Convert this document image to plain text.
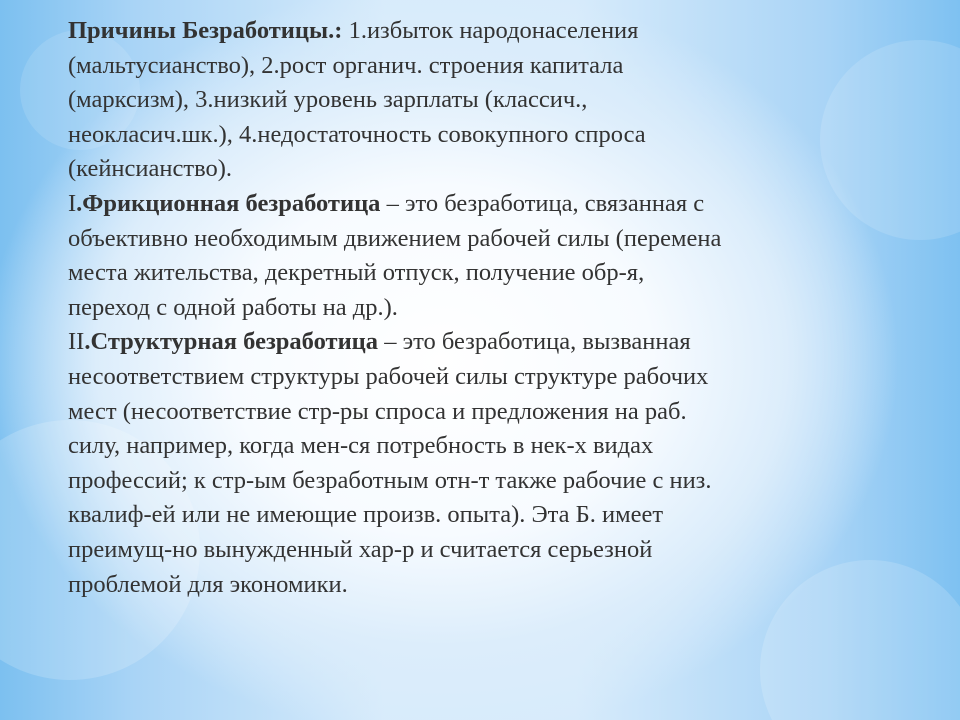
Причины Безработицы.: 1.избыток народонаселения
(мальтусианство), 2.рост органич. строения капитала
(марксизм), 3.низкий уровень зарплаты (классич.,
неокласич.шк.), 4.недостаточность совокупного спроса
(кейнсианство).

I.Фрикционная безработица – это безработица, связанная с
объективно необходимым движением рабочей силы (перемена
места жительства, декретный отпуск, получение обр-я,
переход с одной работы на др.).

II.Структурная безработица – это безработица, вызванная
несоответствием структуры рабочей силы структуре рабочих
мест (несоответствие стр-ры спроса и предложения на раб.
силу, например, когда мен-ся потребность в нек-х видах
профессий; к стр-ым безработным отн-т также рабочие с низ.
квалиф-ей или не имеющие произв. опыта). Эта Б. имеет
преимущ-но вынужденный хар-р и считается серьезной
проблемой для экономики.
